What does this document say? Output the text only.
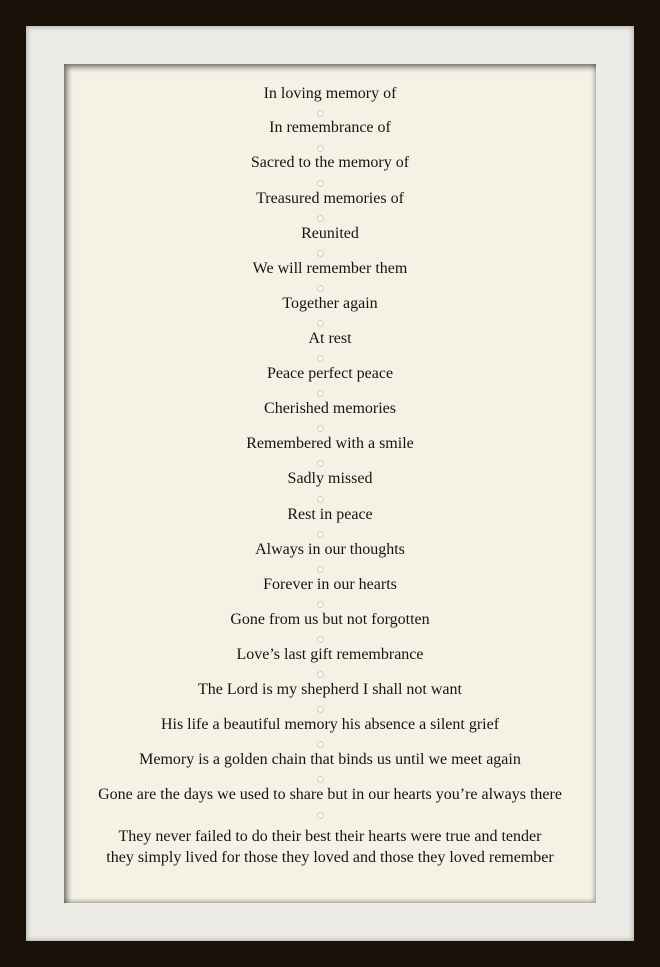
In loving memory of
In remembrance of
Sacred to the memory of
Treasured memories of
Reunited
We will remember them
Together again
At rest
Peace perfect peace
Cherished memories
Remembered with a smile
Sadly missed
Rest in peace
Always in our thoughts
Forever in our hearts
Gone from us but not forgotten
Love’s last gift remembrance
The Lord is my shepherd I shall not want
His life a beautiful memory his absence a silent grief
Memory is a golden chain that binds us until we meet again
Gone are the days we used to share but in our hearts you’re always there
They never failed to do their best their hearts were true and tender
they simply lived for those they loved and those they loved remember
